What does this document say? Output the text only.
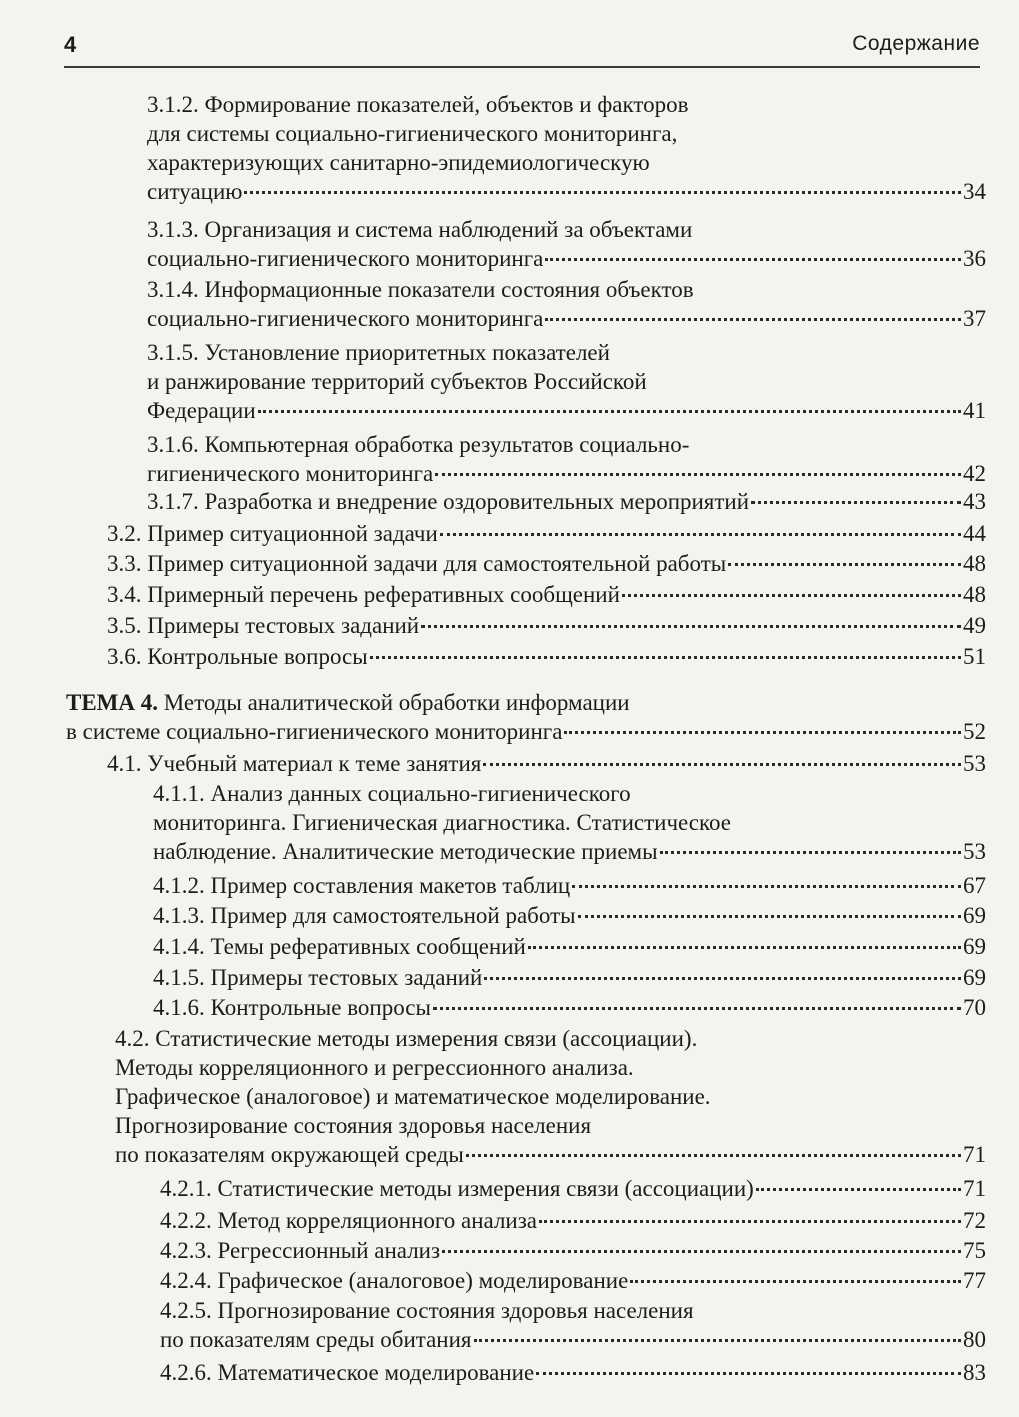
4	Содержание
3.1.2. Формирование показателей, объектов и факторов
для системы социально-гигиенического мониторинга,
характеризующих санитарно-эпидемиологическую
ситуацию	34
3.1.3. Организация и система наблюдений за объектами
социально-гигиенического мониторинга	36
3.1.4. Информационные показатели состояния объектов
социально-гигиенического мониторинга	37
3.1.5. Установление приоритетных показателей
и ранжирование территорий субъектов Российской
Федерации	41
3.1.6. Компьютерная обработка результатов социально-
гигиенического мониторинга	42
3.1.7. Разработка и внедрение оздоровительных мероприятий	43
3.2. Пример ситуационной задачи	44
3.3. Пример ситуационной задачи для самостоятельной работы	48
3.4. Примерный перечень реферативных сообщений	48
3.5. Примеры тестовых заданий	49
3.6. Контрольные вопросы	51
ТЕМА 4. Методы аналитической обработки информации
в системе социально-гигиенического мониторинга	52
4.1. Учебный материал к теме занятия	53
4.1.1. Анализ данных социально-гигиенического
мониторинга. Гигиеническая диагностика. Статистическое
наблюдение. Аналитические методические приемы	53
4.1.2. Пример составления макетов таблиц	67
4.1.3. Пример для самостоятельной работы	69
4.1.4. Темы реферативных сообщений	69
4.1.5. Примеры тестовых заданий	69
4.1.6. Контрольные вопросы	70
4.2. Статистические методы измерения связи (ассоциации).
Методы корреляционного и регрессионного анализа.
Графическое (аналоговое) и математическое моделирование.
Прогнозирование состояния здоровья населения
по показателям окружающей среды	71
4.2.1. Статистические методы измерения связи (ассоциации)	71
4.2.2. Метод корреляционного анализа	72
4.2.3. Регрессионный анализ	75
4.2.4. Графическое (аналоговое) моделирование	77
4.2.5. Прогнозирование состояния здоровья населения
по показателям среды обитания	80
4.2.6. Математическое моделирование	83
